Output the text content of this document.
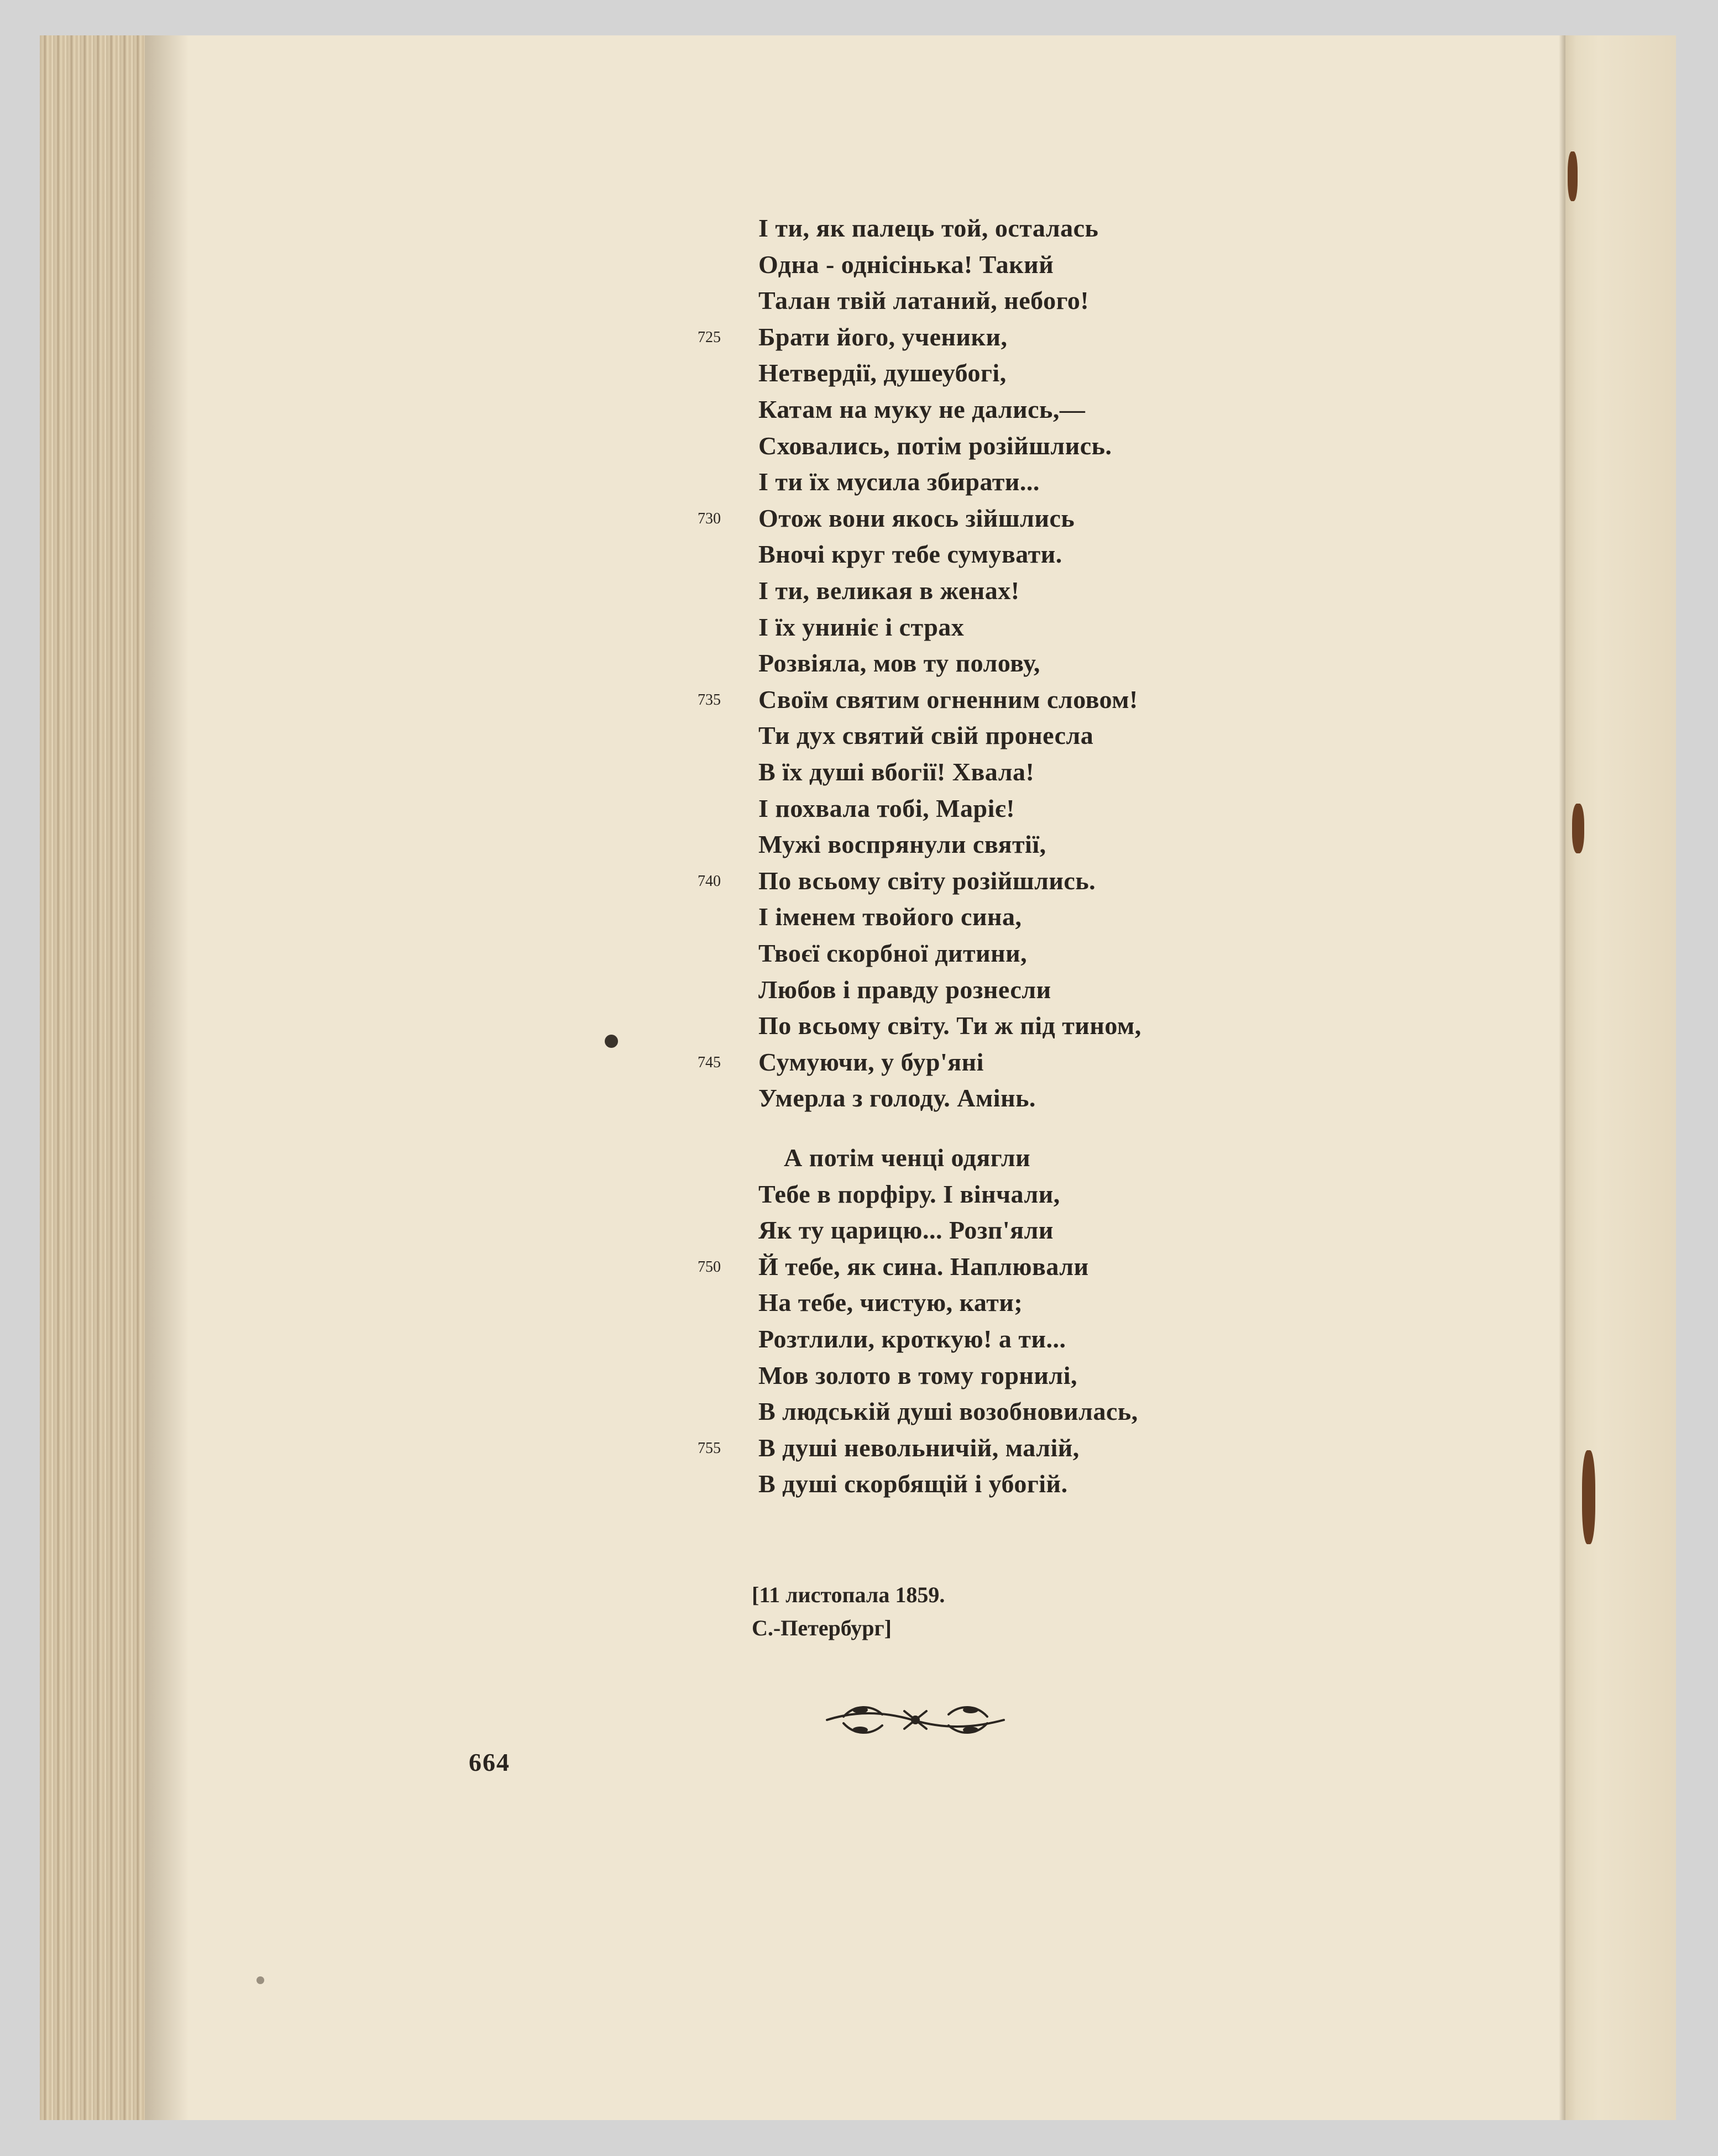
І ти, як палець той, осталась
Одна - однісінька! Такий
Талан твій латаний, небого!
Брати його, ученики,
725
Нетвердії, душеубогі,
Катам на муку не дались,—
Сховались, потім розійшлись.
І ти їх мусила збирати...
Отож вони якось зійшлись
730
Вночі круг тебе сумувати.
І ти, великая в женах!
І їх униніє і страх
Розвіяла, мов ту полову,
Своїм святим огненним словом!
735
Ти дух святий свій пронесла
В їх душі вбогії! Хвала!
І похвала тобі, Маріє!
Мужі воспрянули святії,
По всьому світу розійшлись.
740
І іменем твойого сина,
Твоєї скорбної дитини,
Любов і правду рознесли
По всьому світу. Ти ж під тином,
Сумуючи, у бур'яні
745
Умерла з голоду. Амінь.
А потім ченці одягли
Тебе в порфіру. І вінчали,
Як ту царицю... Розп'яли
Й тебе, як сина. Наплювали
750
На тебе, чистую, кати;
Розтлили, кроткую! а ти...
Мов золото в тому горнилі,
В людській душі возобновилась,
В душі невольничій, малій,
755
В душі скорбящій і убогій.
[11 листопала 1859.
С.-Петербург]
664
